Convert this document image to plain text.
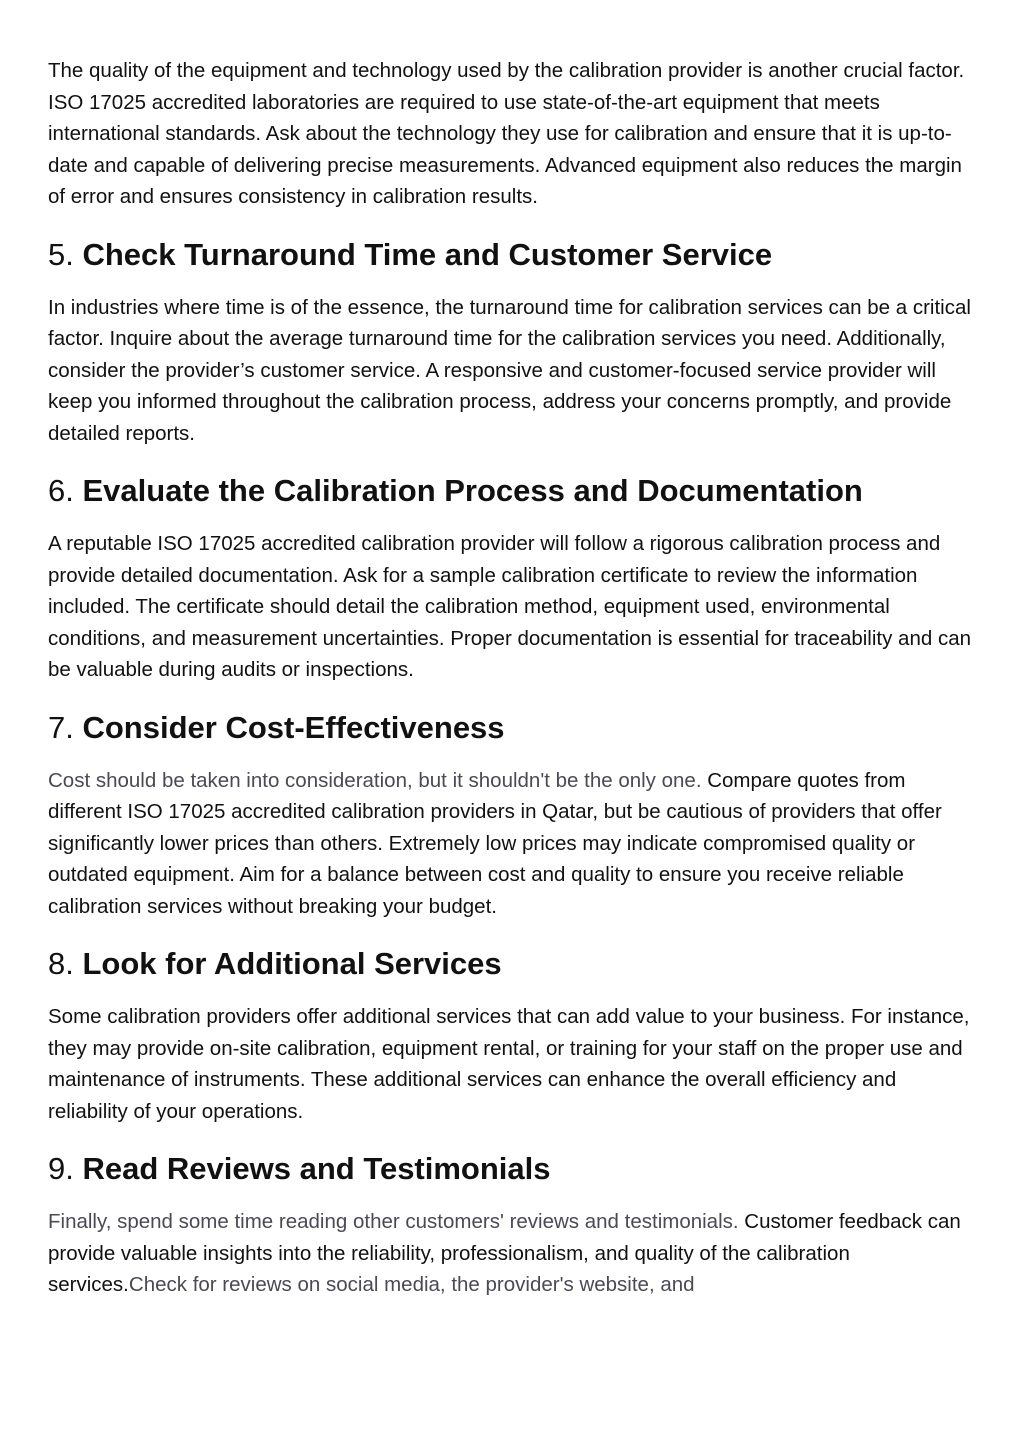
The quality of the equipment and technology used by the calibration provider is another crucial factor. ISO 17025 accredited laboratories are required to use state-of-the-art equipment that meets international standards. Ask about the technology they use for calibration and ensure that it is up-to-date and capable of delivering precise measurements. Advanced equipment also reduces the margin of error and ensures consistency in calibration results.

5. Check Turnaround Time and Customer Service

In industries where time is of the essence, the turnaround time for calibration services can be a critical factor. Inquire about the average turnaround time for the calibration services you need. Additionally, consider the provider’s customer service. A responsive and customer-focused service provider will keep you informed throughout the calibration process, address your concerns promptly, and provide detailed reports.

6. Evaluate the Calibration Process and Documentation

A reputable ISO 17025 accredited calibration provider will follow a rigorous calibration process and provide detailed documentation. Ask for a sample calibration certificate to review the information included. The certificate should detail the calibration method, equipment used, environmental conditions, and measurement uncertainties. Proper documentation is essential for traceability and can be valuable during audits or inspections.

7. Consider Cost-Effectiveness

Cost should be taken into consideration, but it shouldn't be the only one. Compare quotes from different ISO 17025 accredited calibration providers in Qatar, but be cautious of providers that offer significantly lower prices than others. Extremely low prices may indicate compromised quality or outdated equipment. Aim for a balance between cost and quality to ensure you receive reliable calibration services without breaking your budget.

8. Look for Additional Services

Some calibration providers offer additional services that can add value to your business. For instance, they may provide on-site calibration, equipment rental, or training for your staff on the proper use and maintenance of instruments. These additional services can enhance the overall efficiency and reliability of your operations.

9. Read Reviews and Testimonials

Finally, spend some time reading other customers' reviews and testimonials. Customer feedback can provide valuable insights into the reliability, professionalism, and quality of the calibration services.Check for reviews on social media, the provider's website, and
